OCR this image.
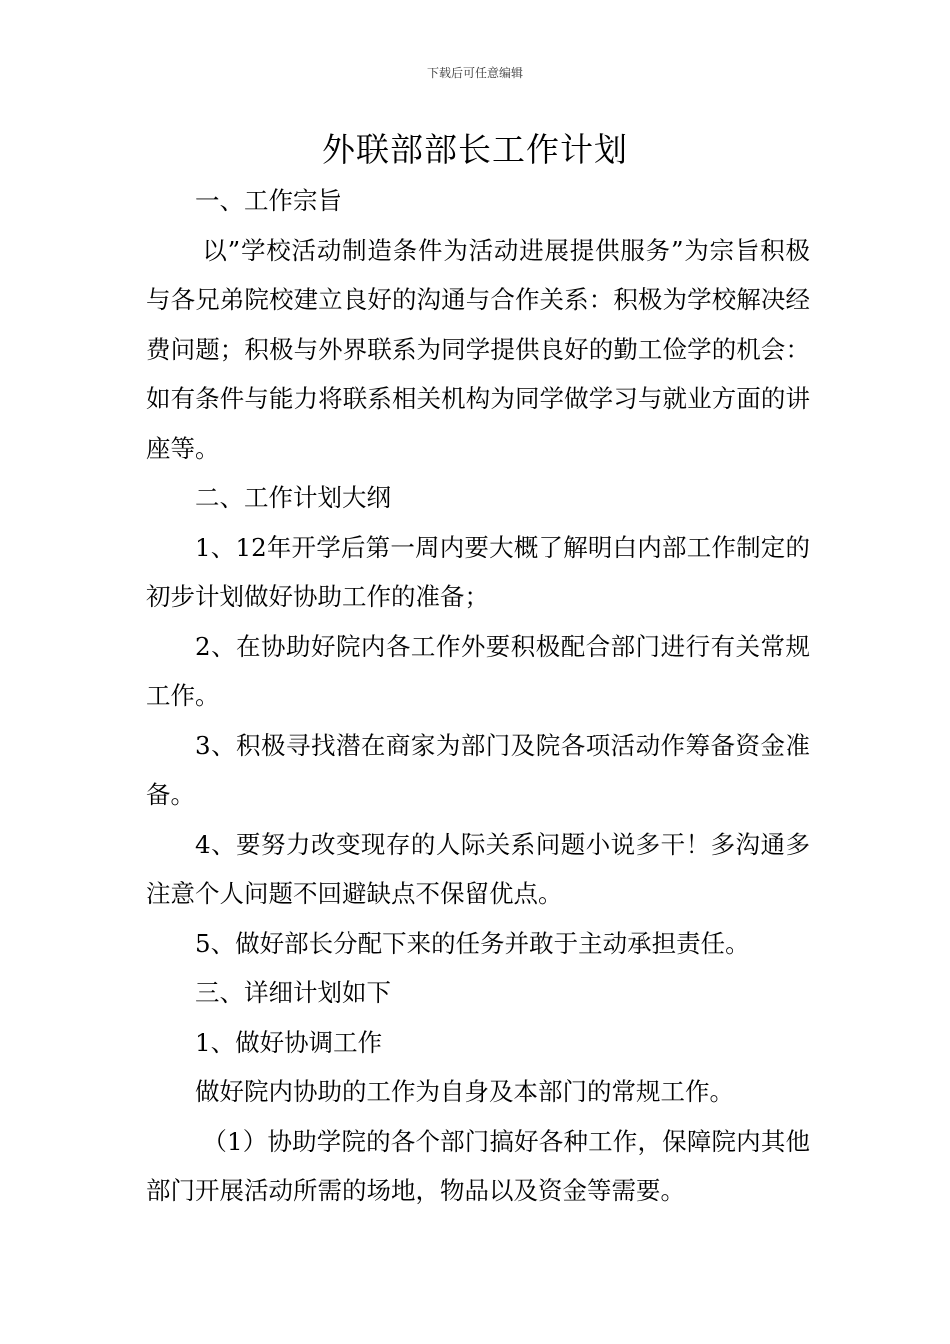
下载后可任意编辑
外联部部长工作计划

一、工作宗旨

以”学校活动制造条件为活动进展提供服务”为宗旨积极与各兄弟院校建立良好的沟通与合作关系：积极为学校解决经费问题；积极与外界联系为同学提供良好的勤工俭学的机会：如有条件与能力将联系相关机构为同学做学习与就业方面的讲座等。

二、工作计划大纲

1、12年开学后第一周内要大概了解明白内部工作制定的初步计划做好协助工作的准备；

2、在协助好院内各工作外要积极配合部门进行有关常规工作。

3、积极寻找潜在商家为部门及院各项活动作筹备资金准备。

4、要努力改变现存的人际关系问题小说多干！多沟通多注意个人问题不回避缺点不保留优点。

5、做好部长分配下来的任务并敢于主动承担责任。

三、详细计划如下

1、做好协调工作

做好院内协助的工作为自身及本部门的常规工作。

（1）协助学院的各个部门搞好各种工作，保障院内其他部门开展活动所需的场地，物品以及资金等需要。
